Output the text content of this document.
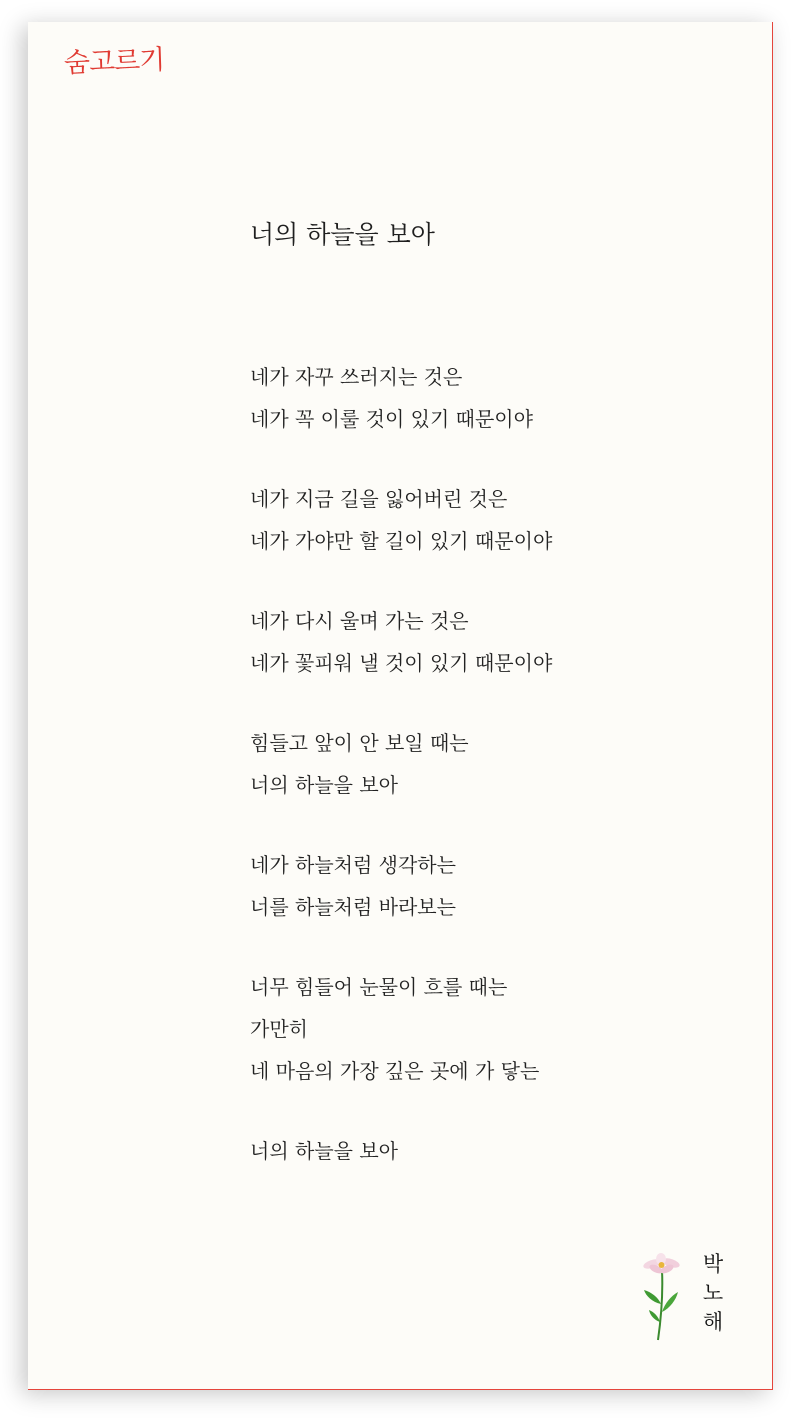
숨고르기
너의 하늘을 보아
네가 자꾸 쓰러지는 것은
네가 꼭 이룰 것이 있기 때문이야
네가 지금 길을 잃어버린 것은
네가 가야만 할 길이 있기 때문이야
네가 다시 울며 가는 것은
네가 꽃피워 낼 것이 있기 때문이야
힘들고 앞이 안 보일 때는
너의 하늘을 보아
네가 하늘처럼 생각하는
너를 하늘처럼 바라보는
너무 힘들어 눈물이 흐를 때는
가만히
네 마음의 가장 깊은 곳에 가 닿는
너의 하늘을 보아
박
노
해
